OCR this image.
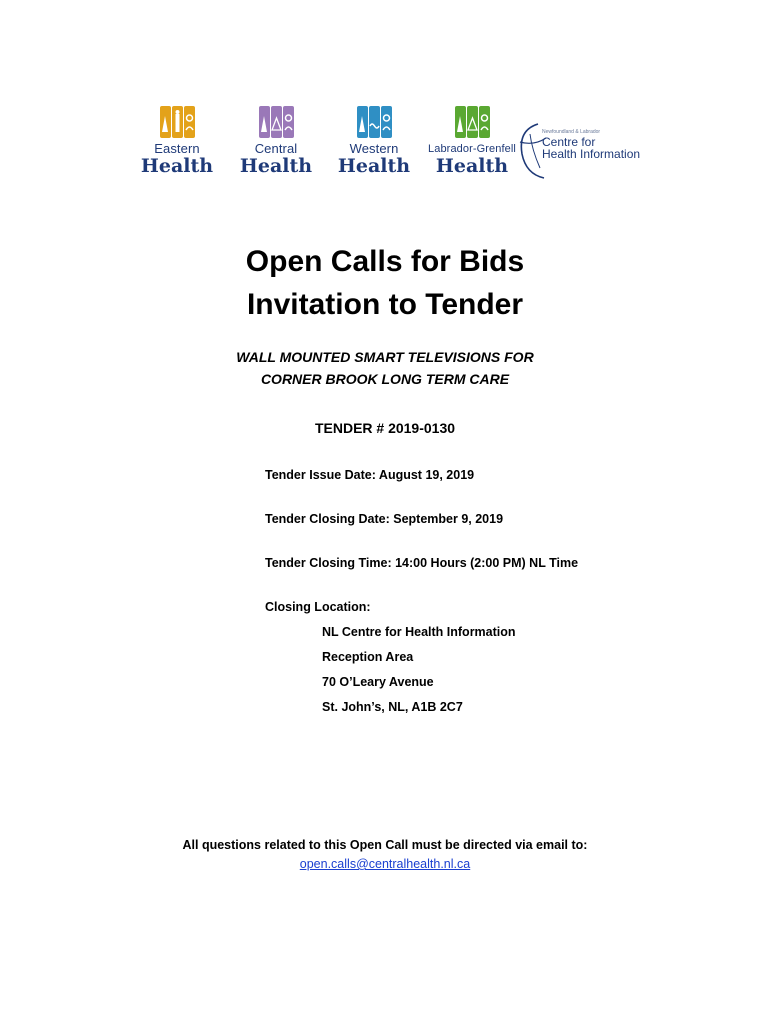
Eastern
Health
Central
Health
Western
Health
Labrador-Grenfell
Health
Newfoundland & Labrador
Centre for
Health Information
Open Calls for Bids
Invitation to Tender
WALL MOUNTED SMART TELEVISIONS FOR
CORNER BROOK LONG TERM CARE
TENDER # 2019-0130
Tender Issue Date: August 19, 2019
Tender Closing Date: September 9, 2019
Tender Closing Time: 14:00 Hours (2:00 PM) NL Time
Closing Location:
NL Centre for Health Information
Reception Area
70 O’Leary Avenue
St. John’s, NL, A1B 2C7
All questions related to this Open Call must be directed via email to:
open.calls@centralhealth.nl.ca
